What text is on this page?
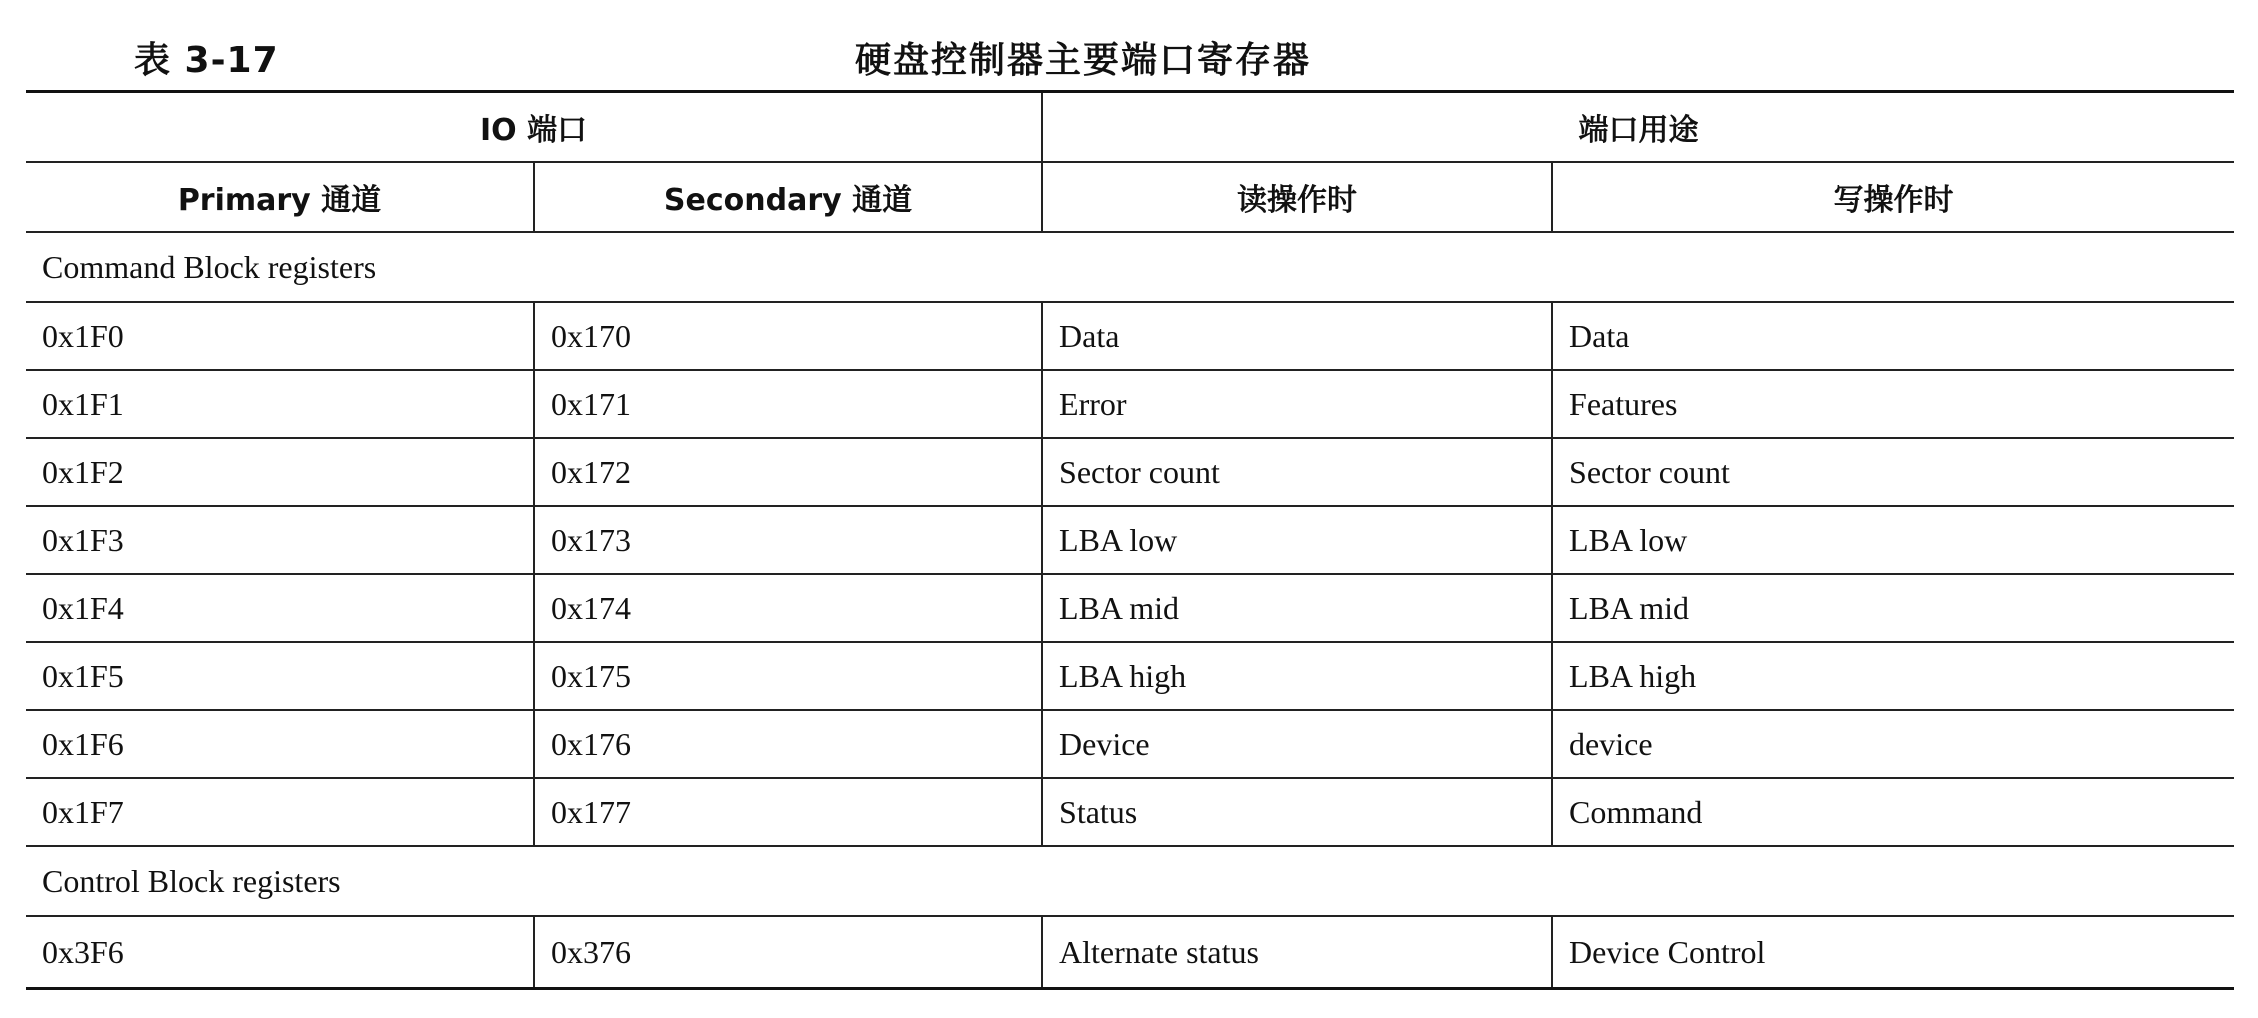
表 3-17	硬盘控制器主要端口寄存器
IO 端口		端口用途	
Primary 通道	Secondary 通道	读操作时	写操作时
Command Block registers			
0x1F0	0x170	Data	Data
0x1F1	0x171	Error	Features
0x1F2	0x172	Sector count	Sector count
0x1F3	0x173	LBA low	LBA low
0x1F4	0x174	LBA mid	LBA mid
0x1F5	0x175	LBA high	LBA high
0x1F6	0x176	Device	device
0x1F7	0x177	Status	Command
Control Block registers			
0x3F6	0x376	Alternate status	Device Control
